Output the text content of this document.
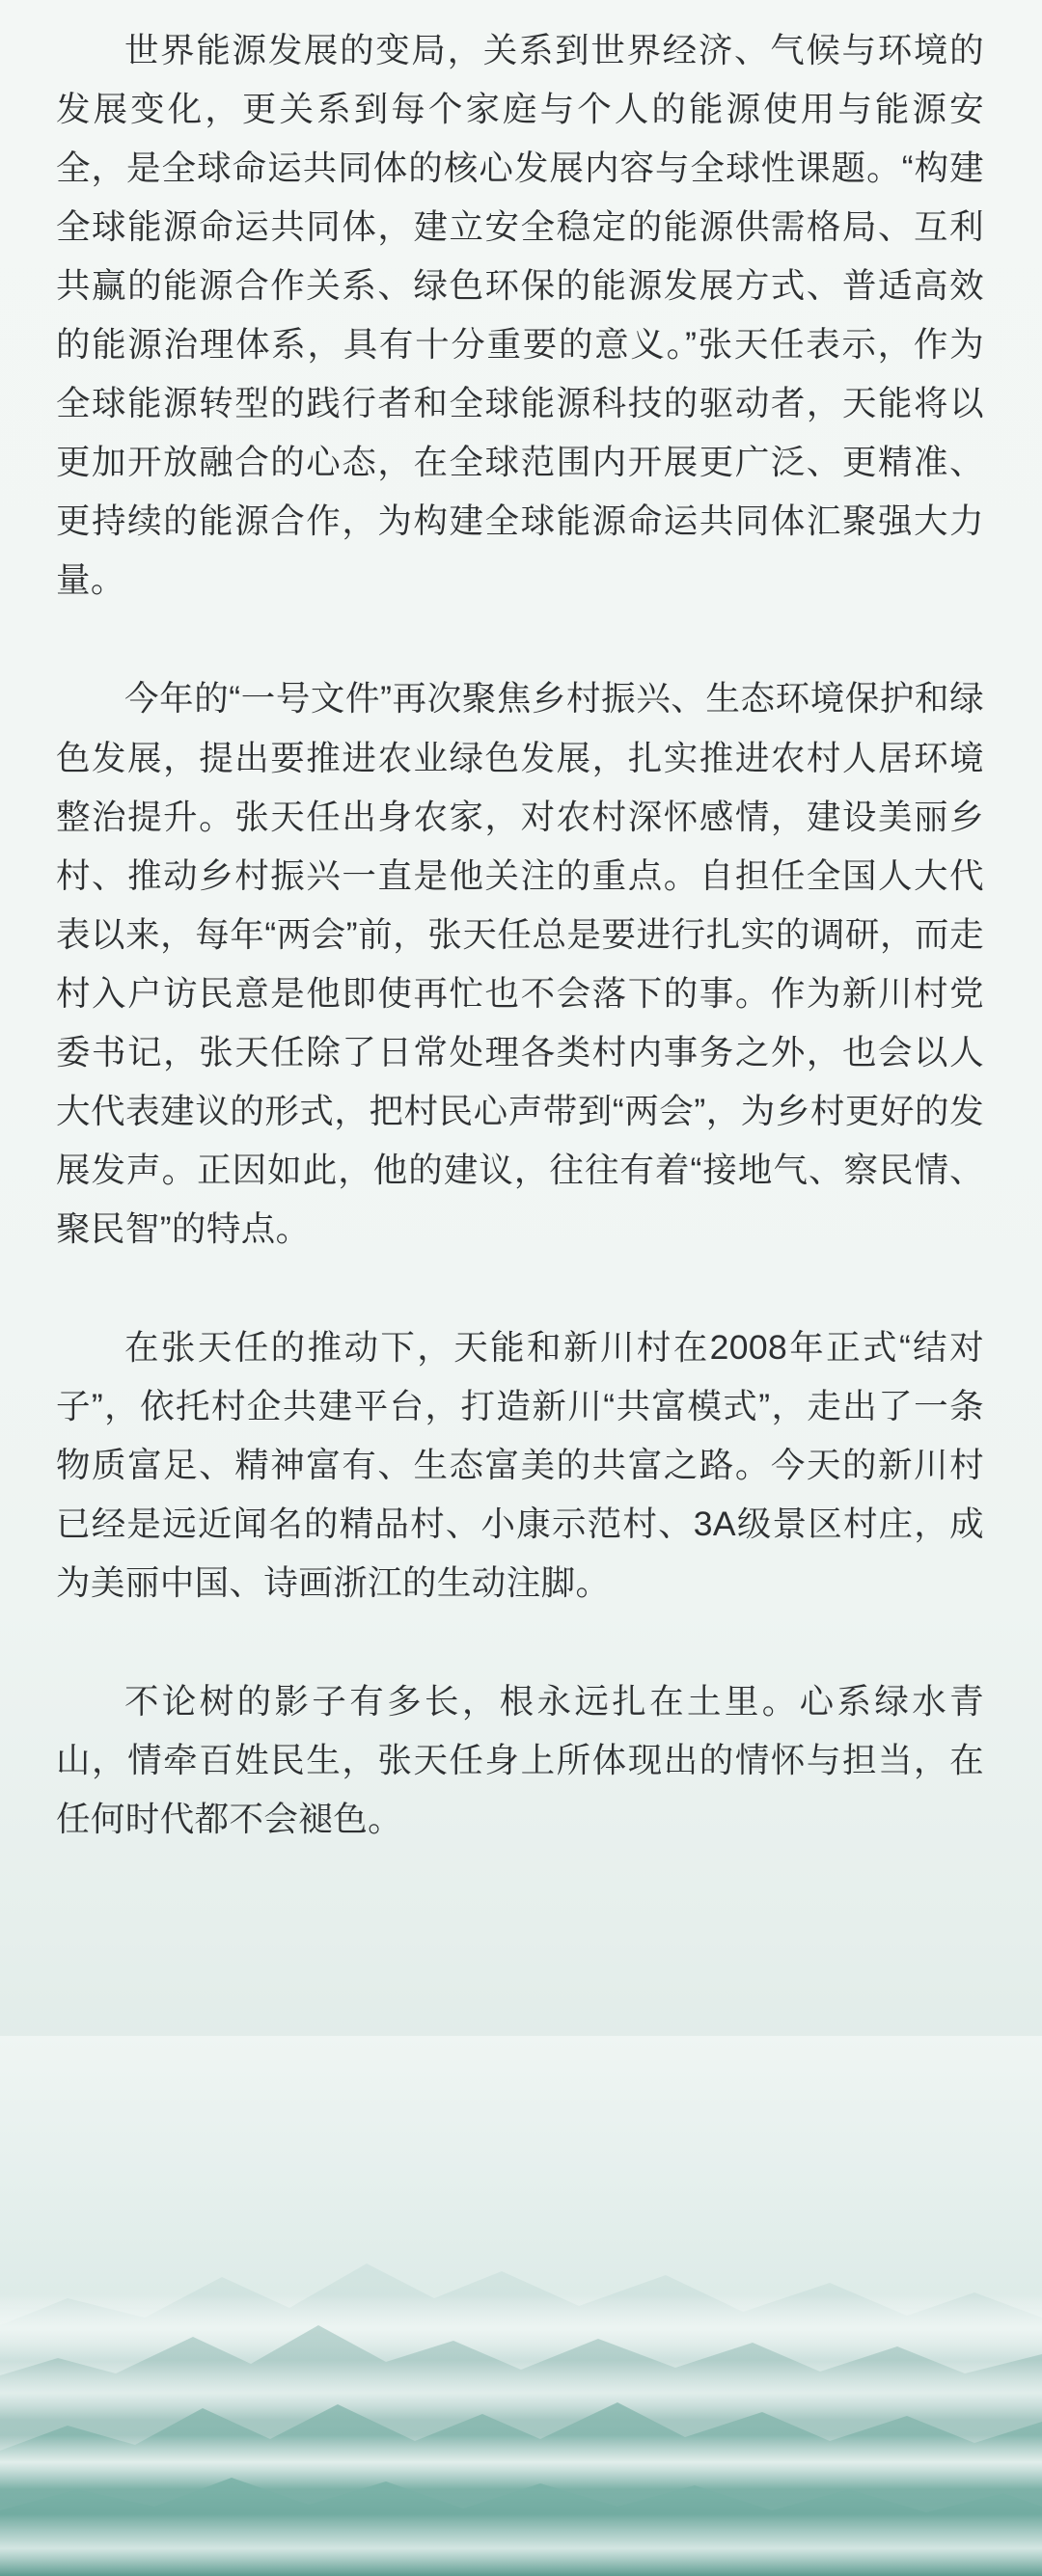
世界能源发展的变局，关系到世界经济、气候与环境的发展变化，更关系到每个家庭与个人的能源使用与能源安全，是全球命运共同体的核心发展内容与全球性课题。“构建全球能源命运共同体，建立安全稳定的能源供需格局、互利共赢的能源合作关系、绿色环保的能源发展方式、普适高效的能源治理体系，具有十分重要的意义。”张天任表示，作为全球能源转型的践行者和全球能源科技的驱动者，天能将以更加开放融合的心态，在全球范围内开展更广泛、更精准、更持续的能源合作，为构建全球能源命运共同体汇聚强大力量。

今年的“一号文件”再次聚焦乡村振兴、生态环境保护和绿色发展，提出要推进农业绿色发展，扎实推进农村人居环境整治提升。张天任出身农家，对农村深怀感情，建设美丽乡村、推动乡村振兴一直是他关注的重点。自担任全国人大代表以来，每年“两会”前，张天任总是要进行扎实的调研，而走村入户访民意是他即使再忙也不会落下的事。作为新川村党委书记，张天任除了日常处理各类村内事务之外，也会以人大代表建议的形式，把村民心声带到“两会”，为乡村更好的发展发声。正因如此，他的建议，往往有着“接地气、察民情、聚民智”的特点。

在张天任的推动下，天能和新川村在2008年正式“结对子”，依托村企共建平台，打造新川“共富模式”，走出了一条物质富足、精神富有、生态富美的共富之路。今天的新川村已经是远近闻名的精品村、小康示范村、3A级景区村庄，成为美丽中国、诗画浙江的生动注脚。

不论树的影子有多长，根永远扎在土里。心系绿水青山，情牵百姓民生，张天任身上所体现出的情怀与担当，在任何时代都不会褪色。
